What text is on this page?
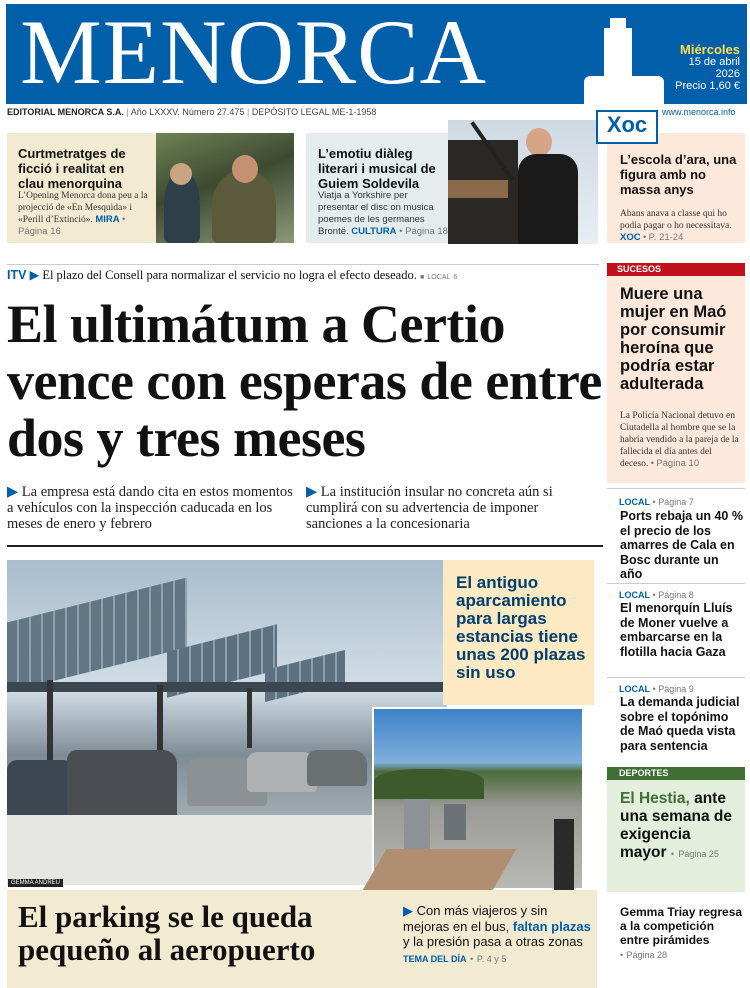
MENORCA	Miércoles
15 de abril
2026
Precio 1,60 €
EDITORIAL MENORCA S.A. | Año LXXXV. Número 27.475 | DEPÓSITO LEGAL ME-1-1958	www.menorca.info
Curtmetratges de ficció i realitat en clau menorquina
L’Opening Menorca dona peu a la projecció de «En Mesquida» i «Perill d’Extinció». MIRA • Página 16
L’emotiu diàleg literari i musical de Guiem Soldevila
Viatja a Yorkshire per presentar el disc on musica poemes de les germanes Brontë. CULTURA • Página 18
Xoc
L’escola d’ara, una figura amb no massa anys
Abans anava a classe qui ho podia pagar o ho necessitava. XOC • P. 21-24
ITV ▶ El plazo del Consell para normalizar el servicio no logra el efecto deseado. ■ LOCAL 6
El ultimátum a Certio vence con esperas de entre dos y tres meses
▶ La empresa está dando cita en estos momentos a vehículos con la inspección caducada en los meses de enero y febrero
▶ La institución insular no concreta aún si cumplirá con su advertencia de imponer sanciones a la concesionaria
GEMMA ANDREU
El antiguo aparcamiento para largas estancias tiene unas 200 plazas sin uso
El parking se le queda pequeño al aeropuerto
▶ Con más viajeros y sin mejoras en el bus, faltan plazas y la presión pasa a otras zonas TEMA DEL DÍA • P. 4 y 5
SUCESOS
Muere una mujer en Maó por consumir heroína que podría estar adulterada
La Policía Nacional detuvo en Ciutadella al hombre que se la habría vendido a la pareja de la fallecida el día antes del deceso. • Página 10
LOCAL • Página 7
Ports rebaja un 40 % el precio de los amarres de Cala en Bosc durante un año
LOCAL • Página 8
El menorquín Lluís de Moner vuelve a embarcarse en la flotilla hacia Gaza
LOCAL • Página 9
La demanda judicial sobre el topónimo de Maó queda vista para sentencia
DEPORTES
El Hestia, ante una semana de exigencia mayor • Página 25
Gemma Triay regresa a la competición entre pirámides
• Página 28
